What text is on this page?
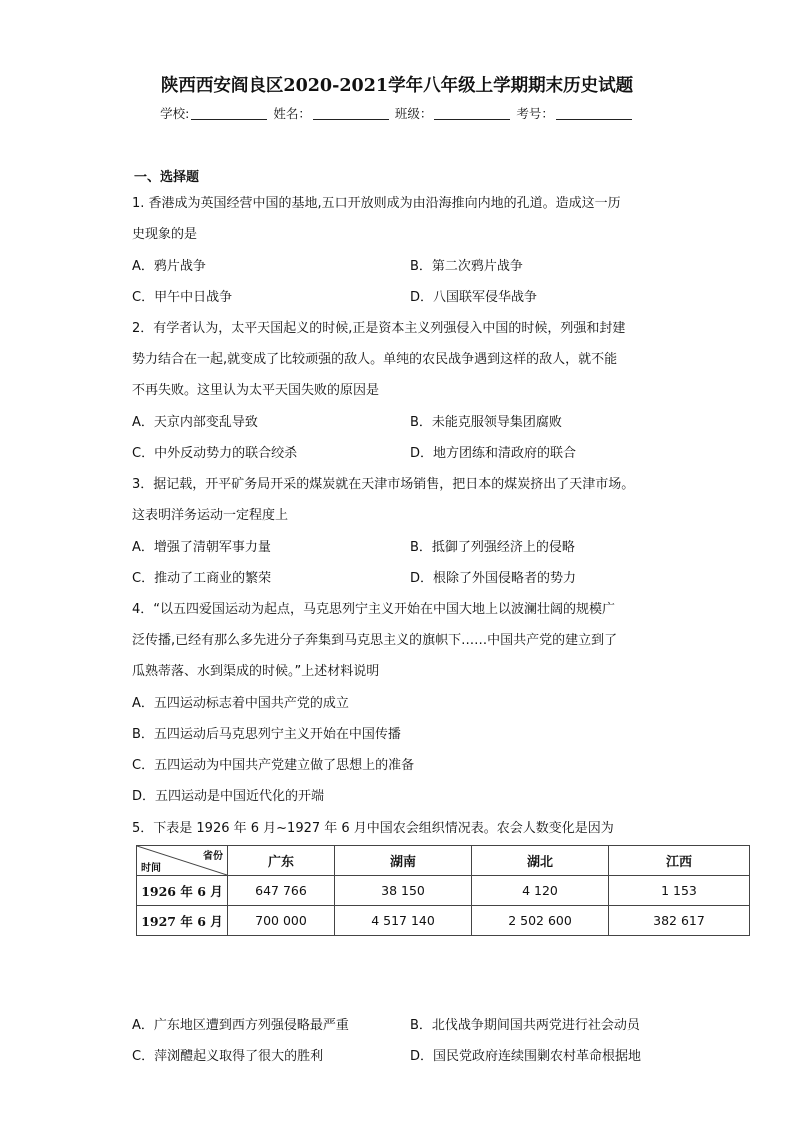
陕西西安阎良区2020-2021学年八年级上学期期末历史试题
学校:	姓名：	班级：	考号：
一、选择题
1. 香港成为英国经营中国的基地,五口开放则成为由沿海推向内地的孔道。造成这一历
史现象的是
A．鸦片战争	B．第二次鸦片战争
C．甲午中日战争	D．八国联军侵华战争
2．有学者认为，太平天国起义的时候,正是资本主义列强侵入中国的时候，列强和封建
势力结合在一起,就变成了比较顽强的敌人。单纯的农民战争遇到这样的敌人，就不能
不再失败。这里认为太平天国失败的原因是
A．天京内部变乱导致	B．未能克服领导集团腐败
C．中外反动势力的联合绞杀	D．地方团练和清政府的联合
3．据记载，开平矿务局开采的煤炭就在天津市场销售，把日本的煤炭挤出了天津市场。
这表明洋务运动一定程度上
A．增强了清朝军事力量	B．抵御了列强经济上的侵略
C．推动了工商业的繁荣	D．根除了外国侵略者的势力
4．“以五四爱国运动为起点，马克思列宁主义开始在中国大地上以波澜壮阔的规模广
泛传播,已经有那么多先进分子奔集到马克思主义的旗帜下……中国共产党的建立到了
瓜熟蒂落、水到渠成的时候。”上述材料说明
A．五四运动标志着中国共产党的成立
B．五四运动后马克思列宁主义开始在中国传播
C．五四运动为中国共产党建立做了思想上的准备
D．五四运动是中国近代化的开端
5．下表是 1926 年 6 月~1927 年 6 月中国农会组织情况表。农会人数变化是因为
省份
时间	广东	湖南	湖北	江西
1926 年 6 月	647 766	38 150	4 120	1 153
1927 年 6 月	700 000	4 517 140	2 502 600	382 617
A．广东地区遭到西方列强侵略最严重	B．北伐战争期间国共两党进行社会动员
C．萍浏醴起义取得了很大的胜利	D．国民党政府连续围剿农村革命根据地
